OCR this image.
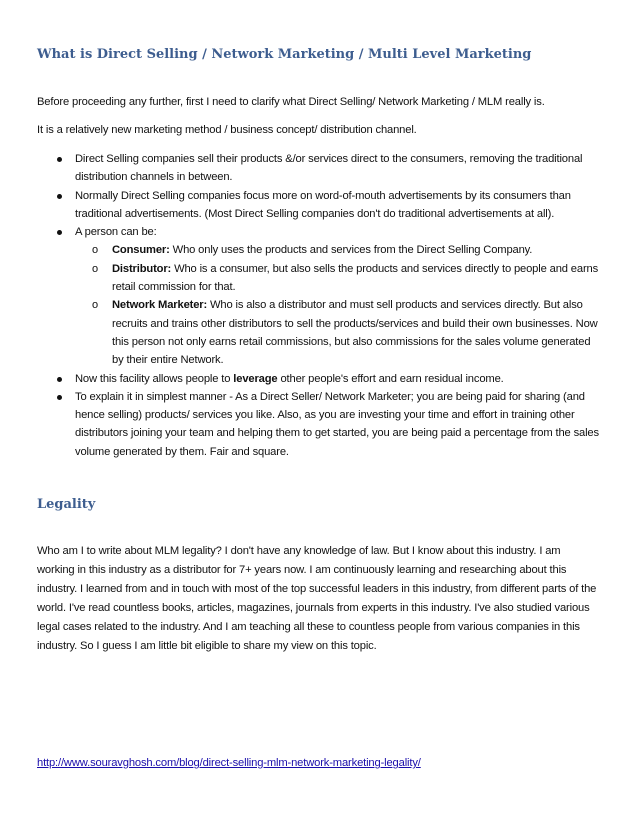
What is Direct Selling / Network Marketing / Multi Level Marketing

Before proceeding any further, first I need to clarify what Direct Selling/ Network Marketing / MLM really is.

It is a relatively new marketing method / business concept/ distribution channel.

Direct Selling companies sell their products &/or services direct to the consumers, removing the traditional distribution channels in between.
Normally Direct Selling companies focus more on word-of-mouth advertisements by its consumers than traditional advertisements. (Most Direct Selling companies don't do traditional advertisements at all).
A person can be:
o Consumer: Who only uses the products and services from the Direct Selling Company.
o Distributor: Who is a consumer, but also sells the products and services directly to people and earns retail commission for that.
o Network Marketer: Who is also a distributor and must sell products and services directly. But also recruits and trains other distributors to sell the products/services and build their own businesses. Now this person not only earns retail commissions, but also commissions for the sales volume generated by their entire Network.
Now this facility allows people to leverage other people's effort and earn residual income.
To explain it in simplest manner - As a Direct Seller/ Network Marketer; you are being paid for sharing (and hence selling) products/ services you like. Also, as you are investing your time and effort in training other distributors joining your team and helping them to get started, you are being paid a percentage from the sales volume generated by them. Fair and square.
Legality

Who am I to write about MLM legality? I don't have any knowledge of law. But I know about this industry. I am working in this industry as a distributor for 7+ years now. I am continuously learning and researching about this industry. I learned from and in touch with most of the top successful leaders in this industry, from different parts of the world. I've read countless books, articles, magazines, journals from experts in this industry. I've also studied various legal cases related to the industry. And I am teaching all these to countless people from various companies in this industry. So I guess I am little bit eligible to share my view on this topic.

http://www.souravghosh.com/blog/direct-selling-mlm-network-marketing-legality/
